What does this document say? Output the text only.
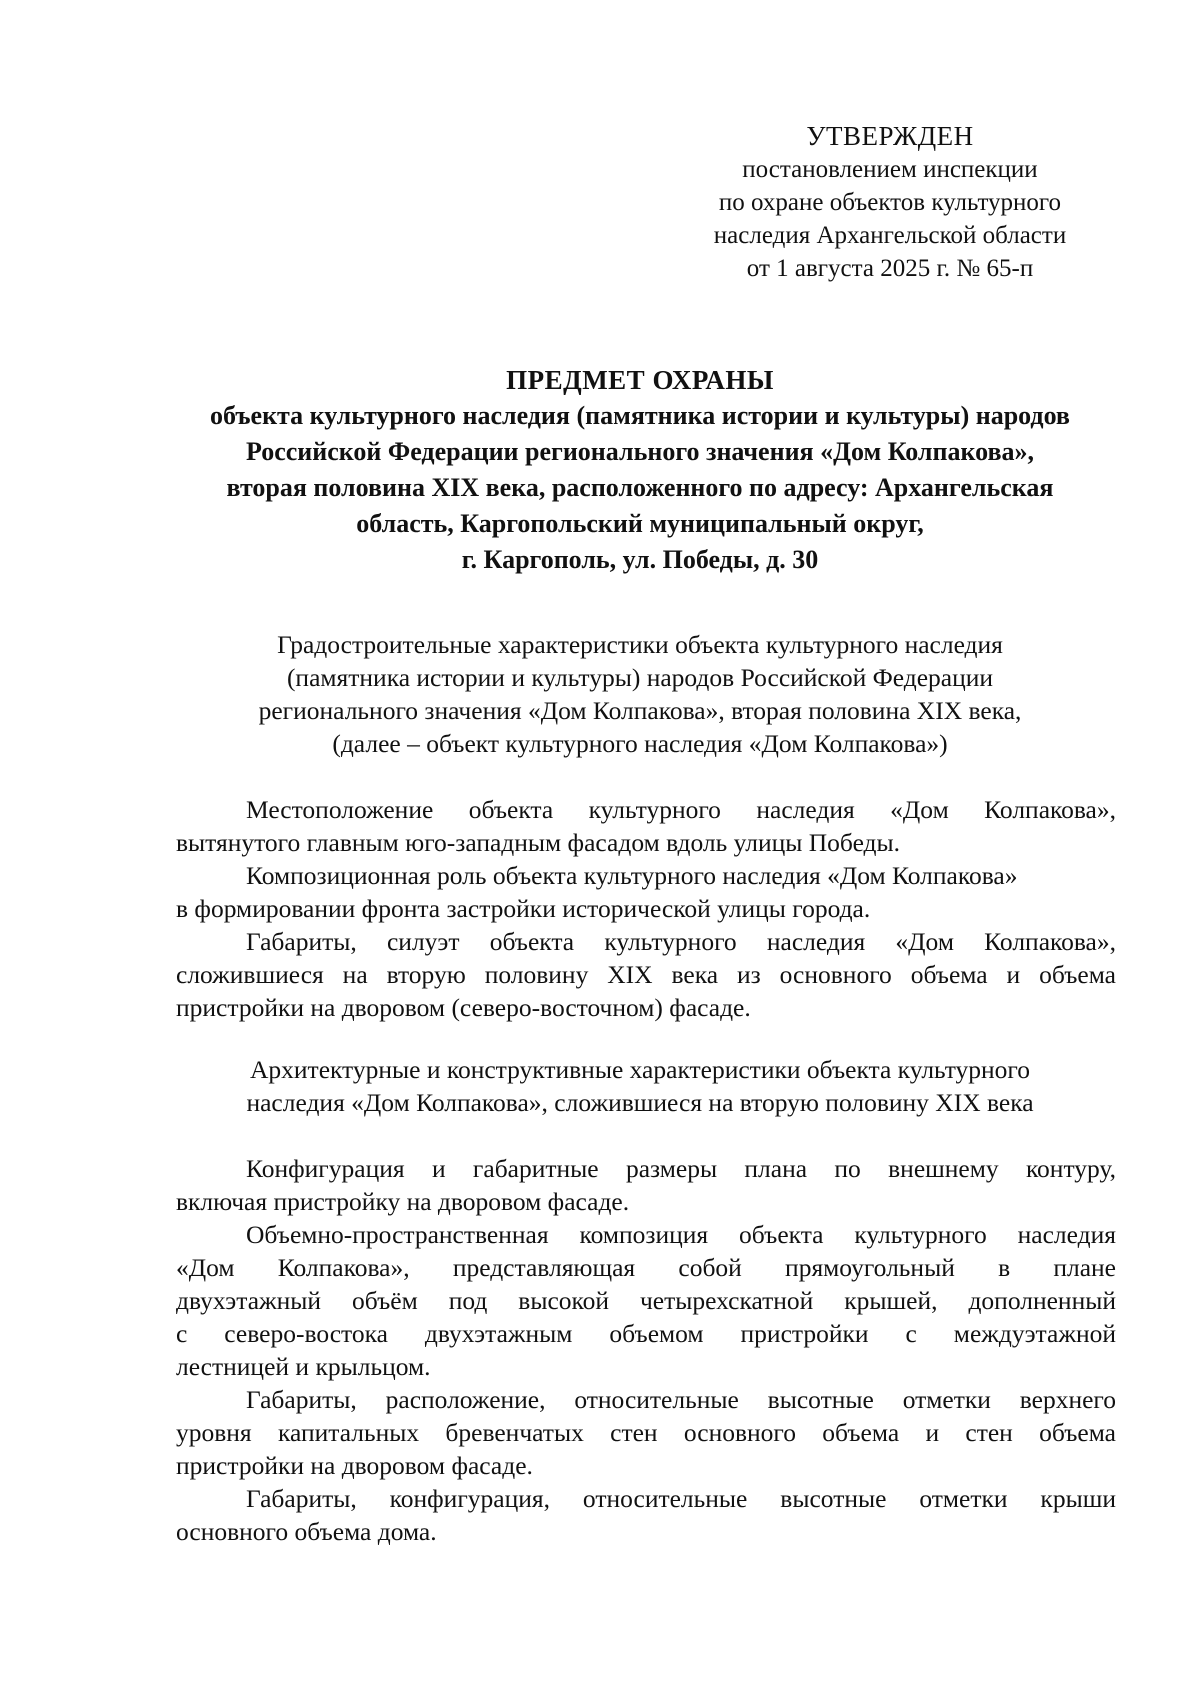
УТВЕРЖДЕН
постановлением инспекции
по охране объектов культурного
наследия Архангельской области
от 1 августа 2025 г. № 65-п
ПРЕДМЕТ ОХРАНЫ
объекта культурного наследия (памятника истории и культуры) народов
Российской Федерации регионального значения «Дом Колпакова»,
вторая половина XIX века, расположенного по адресу: Архангельская
область, Каргопольский муниципальный округ,
г. Каргополь, ул. Победы, д. 30
Градостроительные характеристики объекта культурного наследия
(памятника истории и культуры) народов Российской Федерации
регионального значения «Дом Колпакова», вторая половина XIX века,
(далее – объект культурного наследия «Дом Колпакова»)
Местоположение объекта культурного наследия «Дом Колпакова»,
вытянутого главным юго-западным фасадом вдоль улицы Победы.
Композиционная роль объекта культурного наследия «Дом Колпакова»
в формировании фронта застройки исторической улицы города.
Габариты, силуэт объекта культурного наследия «Дом Колпакова»,
сложившиеся на вторую половину XIX века из основного объема и объема
пристройки на дворовом (северо-восточном) фасаде.
Архитектурные и конструктивные характеристики объекта культурного
наследия «Дом Колпакова», сложившиеся на вторую половину XIX века
Конфигурация и габаритные размеры плана по внешнему контуру,
включая пристройку на дворовом фасаде.
Объемно-пространственная композиция объекта культурного наследия
«Дом Колпакова», представляющая собой прямоугольный в плане
двухэтажный объём под высокой четырехскатной крышей, дополненный
с северо-востока двухэтажным объемом пристройки с междуэтажной
лестницей и крыльцом.
Габариты, расположение, относительные высотные отметки верхнего
уровня капитальных бревенчатых стен основного объема и стен объема
пристройки на дворовом фасаде.
Габариты, конфигурация, относительные высотные отметки крыши
основного объема дома.
